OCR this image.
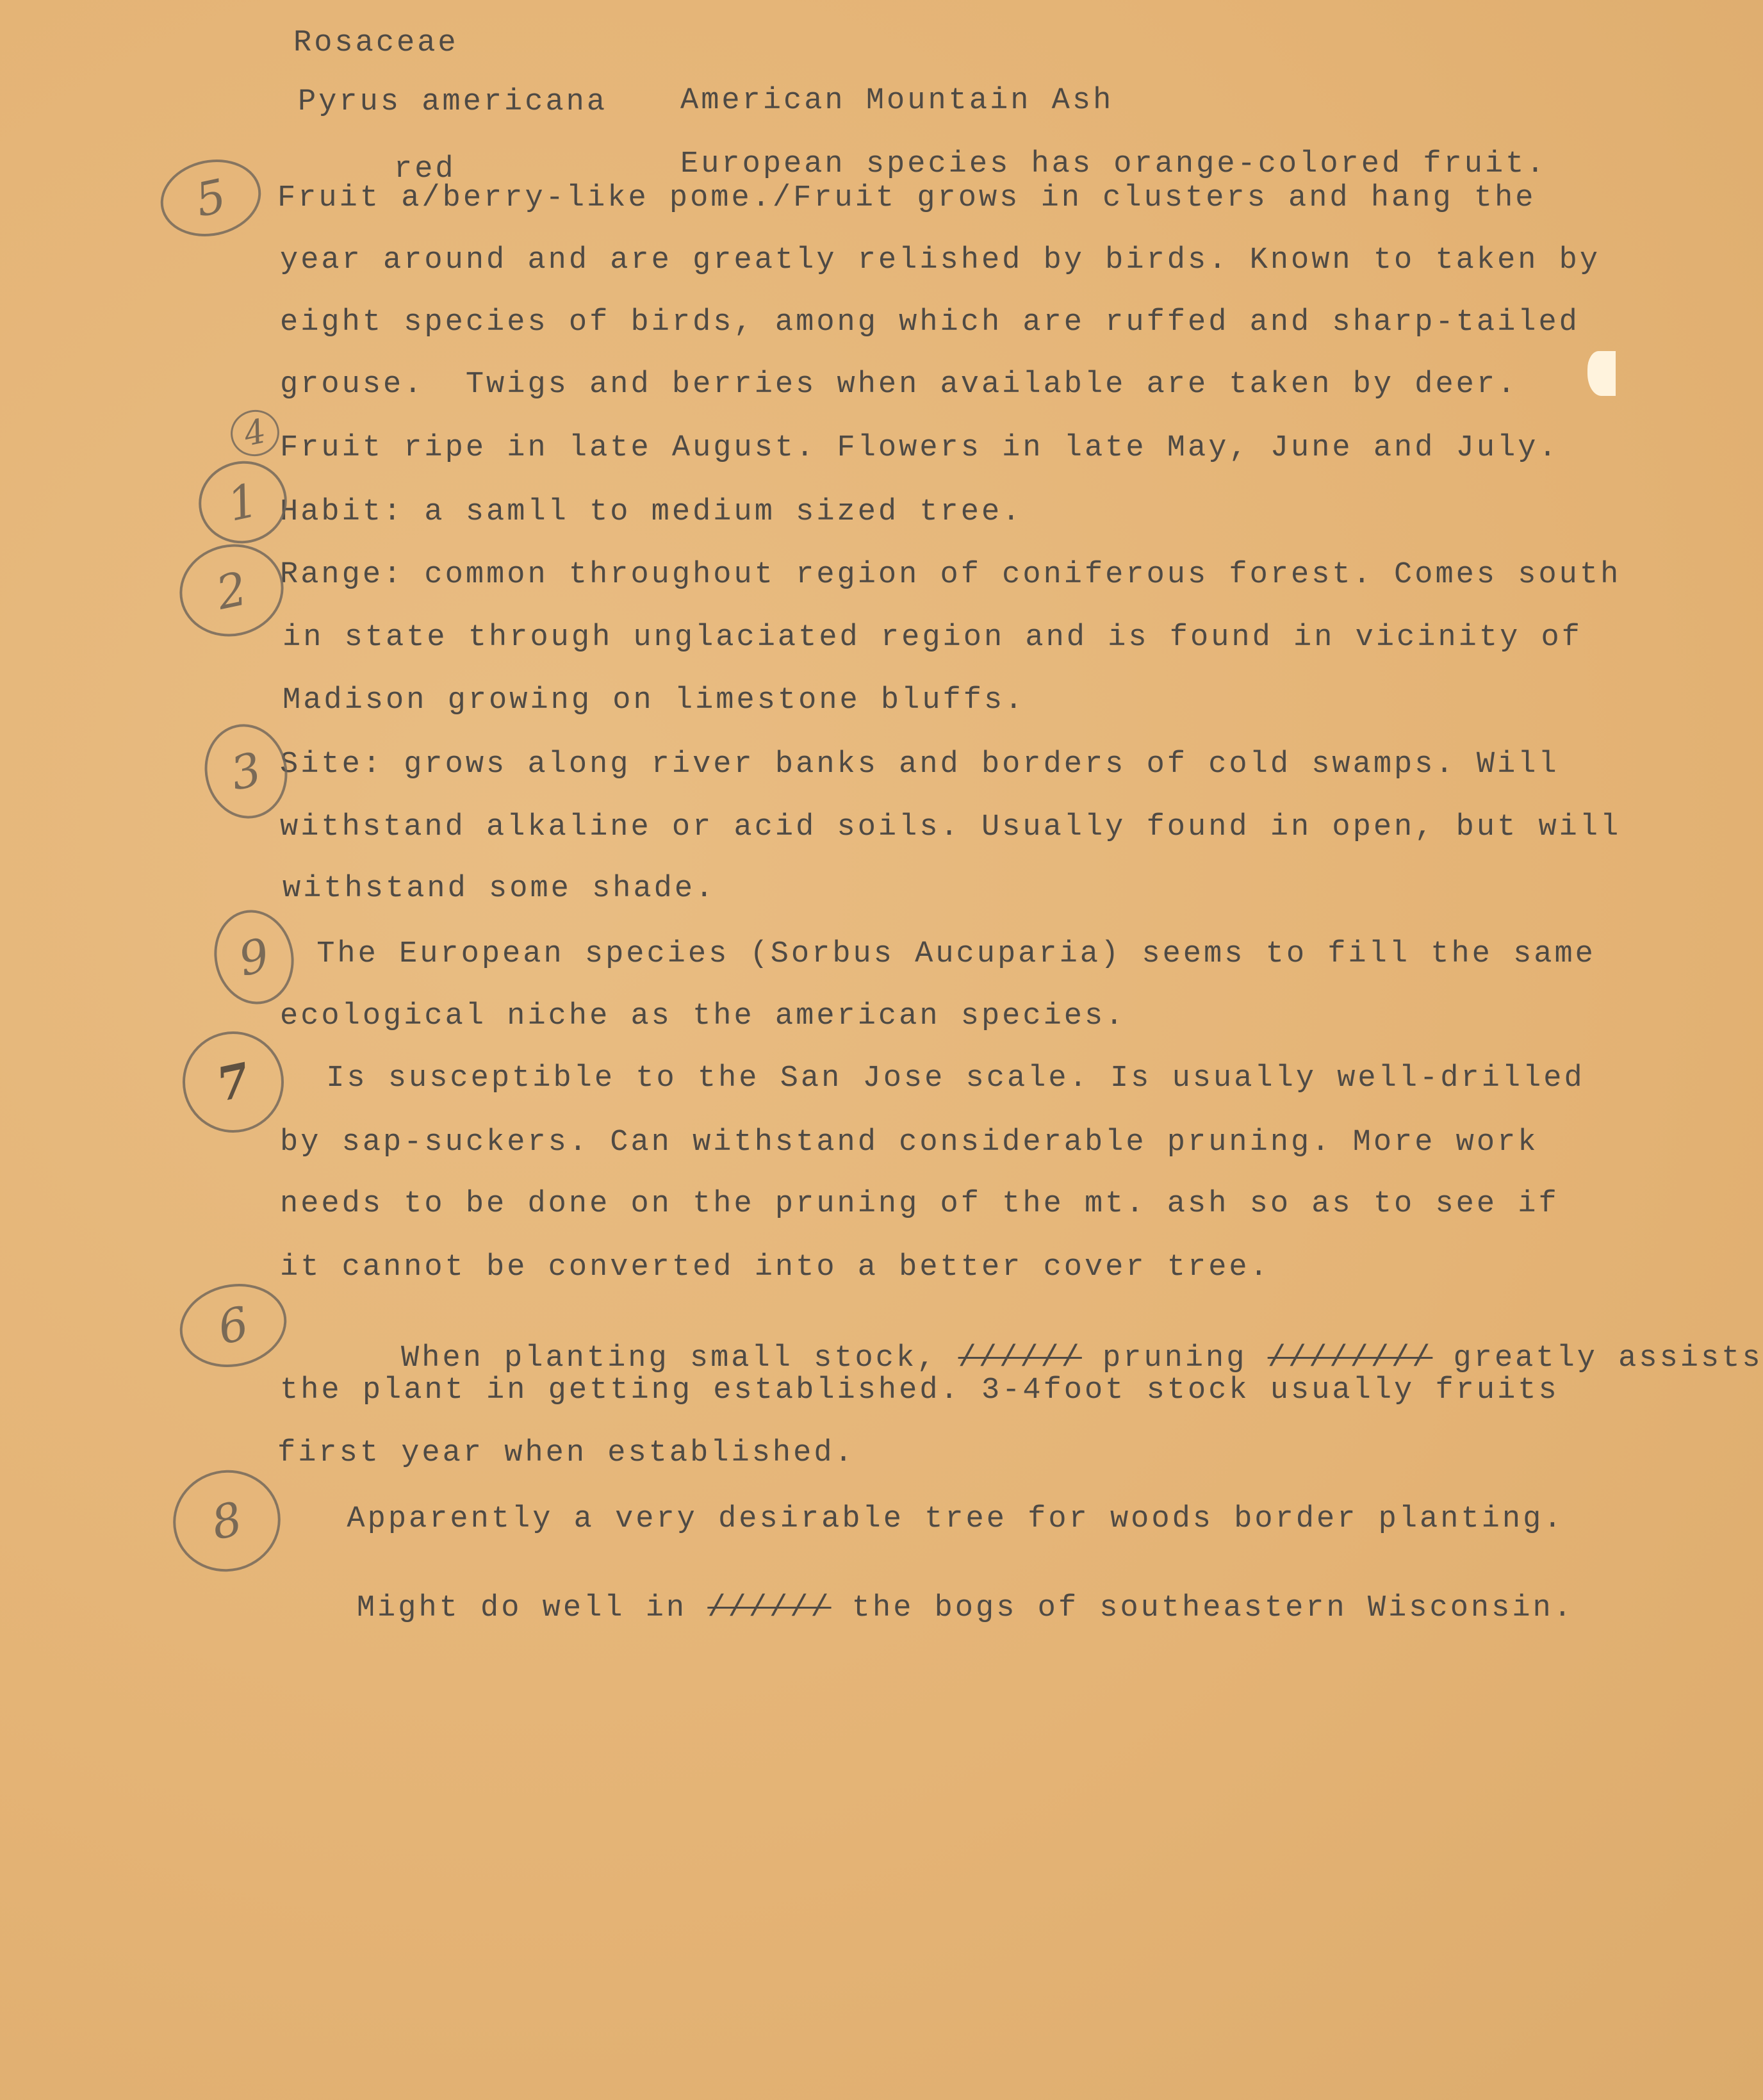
Rosaceae
Pyrus americana American Mountain Ash
red	European species has orange-colored fruit.
Fruit a/berry-like pome./Fruit grows in clusters and hang the
year around and are greatly relished by birds. Known to taken by
eight species of birds, among which are ruffed and sharp-tailed
grouse.  Twigs and berries when available are taken by deer.
Fruit ripe in late August. Flowers in late May, June and July.
Habit: a samll to medium sized tree.
Range: common throughout region of coniferous forest. Comes south
in state through unglaciated region and is found in vicinity of
Madison growing on limestone bluffs.
Site: grows along river banks and borders of cold swamps. Will
withstand alkaline or acid soils. Usually found in open, but will
withstand some shade.
The European species (Sorbus Aucuparia) seems to fill the same
ecological niche as the american species.
Is susceptible to the San Jose scale. Is usually well-drilled
by sap-suckers. Can withstand considerable pruning. More work
needs to be done on the pruning of the mt. ash so as to see if
it cannot be converted into a better cover tree.

When planting small stock, ////// pruning //////// greatly assists

the plant in getting established. 3-4foot stock usually fruits
first year when established.
Apparently a very desirable tree for woods border planting.

Might do well in ////// the bogs of southeastern Wisconsin.

5
4
1
2
3
9
7
6
8
